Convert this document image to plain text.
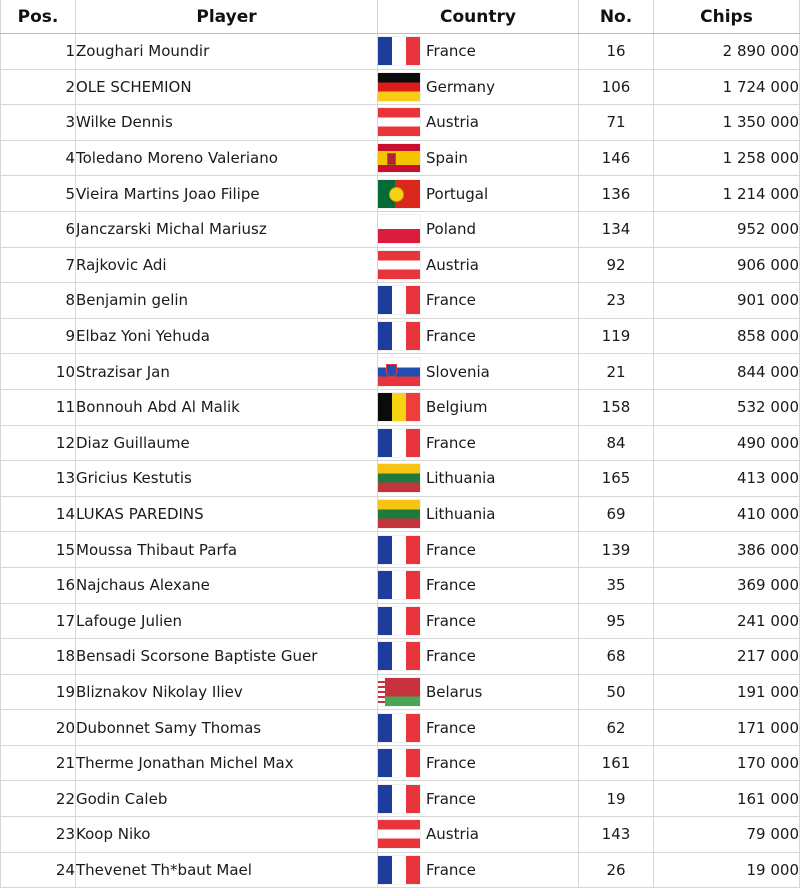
Pos.	Player	Country	No.	Chips
1	Zoughari Moundir	France	16	2 890 000
2	OLE SCHEMION	Germany	106	1 724 000
3	Wilke Dennis	Austria	71	1 350 000
4	Toledano Moreno Valeriano	Spain	146	1 258 000
5	Vieira Martins Joao Filipe	Portugal	136	1 214 000
6	Janczarski Michal Mariusz	Poland	134	952 000
7	Rajkovic Adi	Austria	92	906 000
8	Benjamin gelin	France	23	901 000
9	Elbaz Yoni Yehuda	France	119	858 000
10	Strazisar Jan	Slovenia	21	844 000
11	Bonnouh Abd Al Malik	Belgium	158	532 000
12	Diaz Guillaume	France	84	490 000
13	Gricius Kestutis	Lithuania	165	413 000
14	LUKAS PAREDINS	Lithuania	69	410 000
15	Moussa Thibaut Parfa	France	139	386 000
16	Najchaus Alexane	France	35	369 000
17	Lafouge Julien	France	95	241 000
18	Bensadi Scorsone Baptiste Guer	France	68	217 000
19	Bliznakov Nikolay Iliev	Belarus	50	191 000
20	Dubonnet Samy Thomas	France	62	171 000
21	Therme Jonathan Michel Max	France	161	170 000
22	Godin Caleb	France	19	161 000
23	Koop Niko	Austria	143	79 000
24	Thevenet Th*baut Mael	France	26	19 000
